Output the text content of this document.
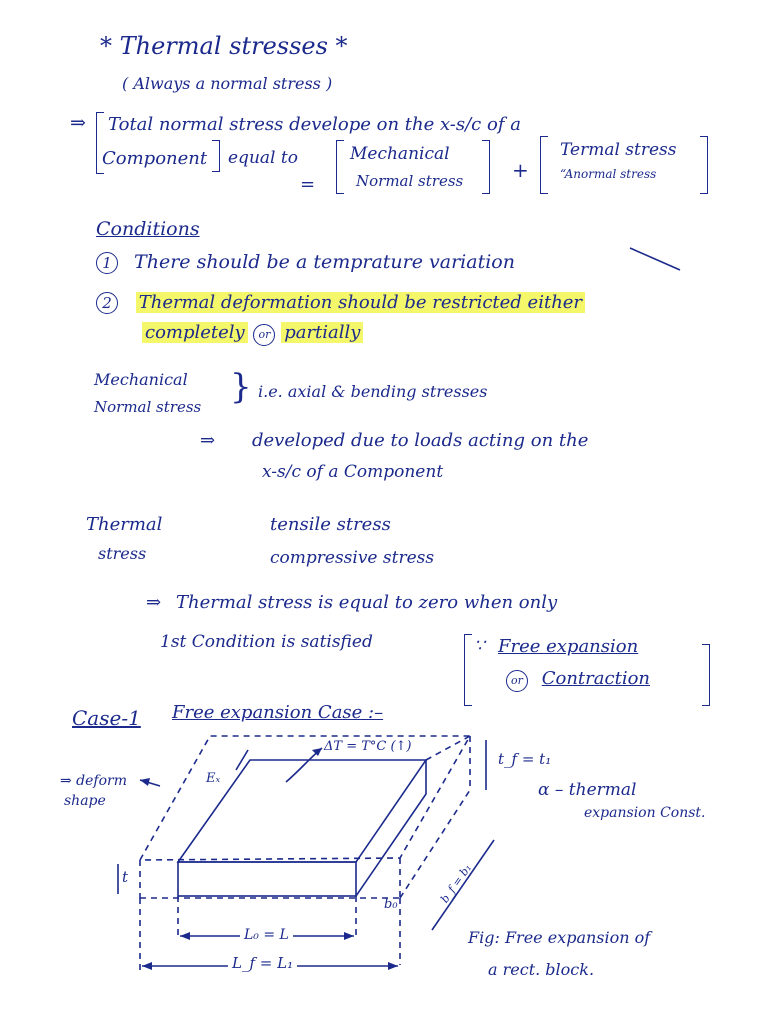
* Thermal stresses *
( Always a normal stress )
⇒ Total normal stress develope on the x-s/c of a
Component equal to
=
Mechanical
Normal stress +
Termal stress
“Anormal stress
Conditions
1 There should be a temprature variation
2 Thermal deformation should be restricted either
completely or partially
Mechanical
Normal stress } i.e. axial & bending stresses
⇒ developed due to loads acting on the
x-s/c of a Component
Thermal
stress
tensile stress
compressive stress
⇒ Thermal stress is equal to zero when only
1st Condition is satisfied	∵ Free expansion
or Contraction
Case-1 Free expansion Case :–
⇒ deform
shape
Eₓ
ΔT = T°C (↑)
t_f = t₁
α – thermal
expansion Const.
t
b₀	b_f = b₁
L₀ = L
L_f = L₁
Fig: Free expansion of
a rect. block.
